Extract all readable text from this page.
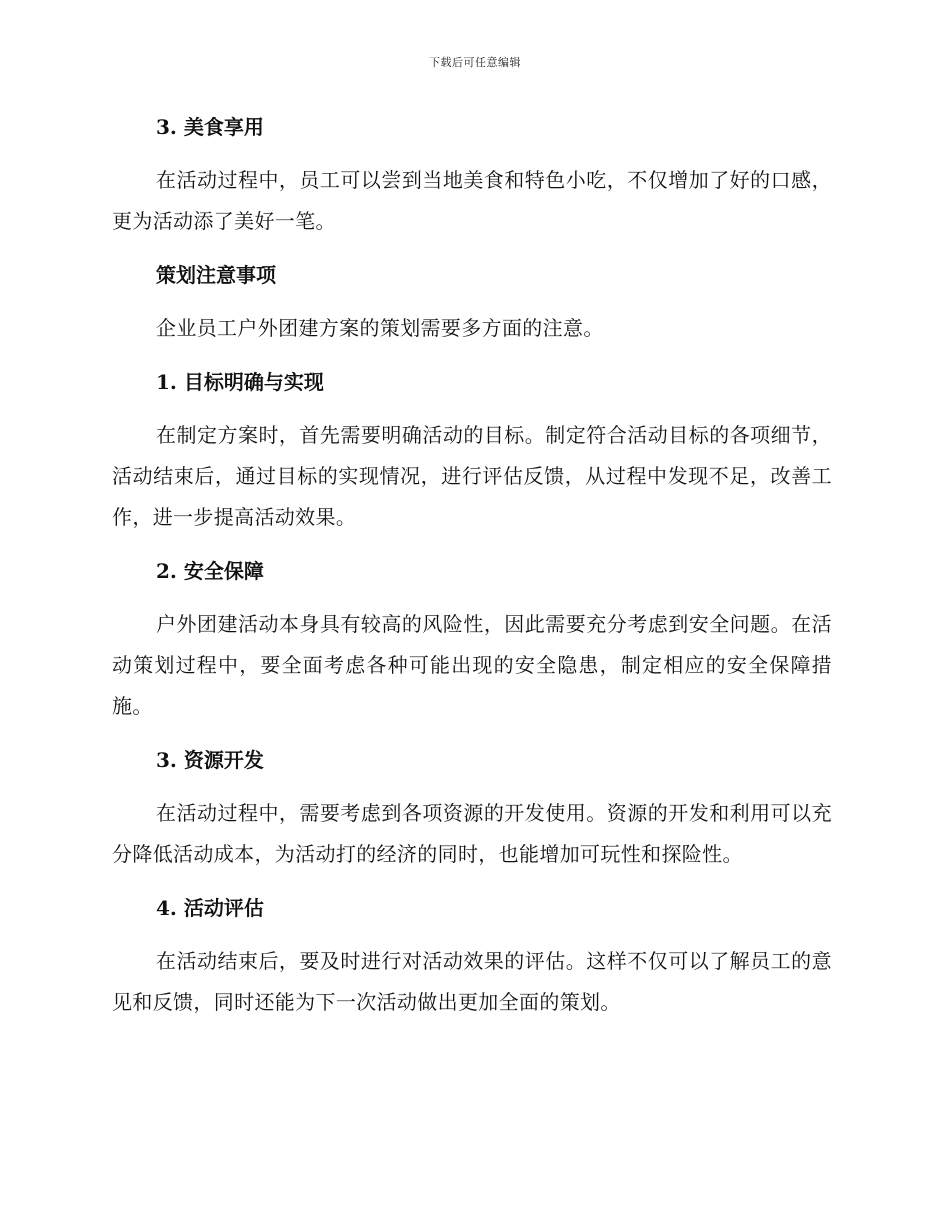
下载后可任意编辑
3. 美食享用

在活动过程中，员工可以尝到当地美食和特色小吃，不仅增加了好的口感，更为活动添了美好一笔。

策划注意事项

企业员工户外团建方案的策划需要多方面的注意。

1. 目标明确与实现

在制定方案时，首先需要明确活动的目标。制定符合活动目标的各项细节，活动结束后，通过目标的实现情况，进行评估反馈，从过程中发现不足，改善工作，进一步提高活动效果。

2. 安全保障

户外团建活动本身具有较高的风险性，因此需要充分考虑到安全问题。在活动策划过程中，要全面考虑各种可能出现的安全隐患，制定相应的安全保障措施。

3. 资源开发

在活动过程中，需要考虑到各项资源的开发使用。资源的开发和利用可以充分降低活动成本，为活动打的经济的同时，也能增加可玩性和探险性。

4. 活动评估

在活动结束后，要及时进行对活动效果的评估。这样不仅可以了解员工的意见和反馈，同时还能为下一次活动做出更加全面的策划。
